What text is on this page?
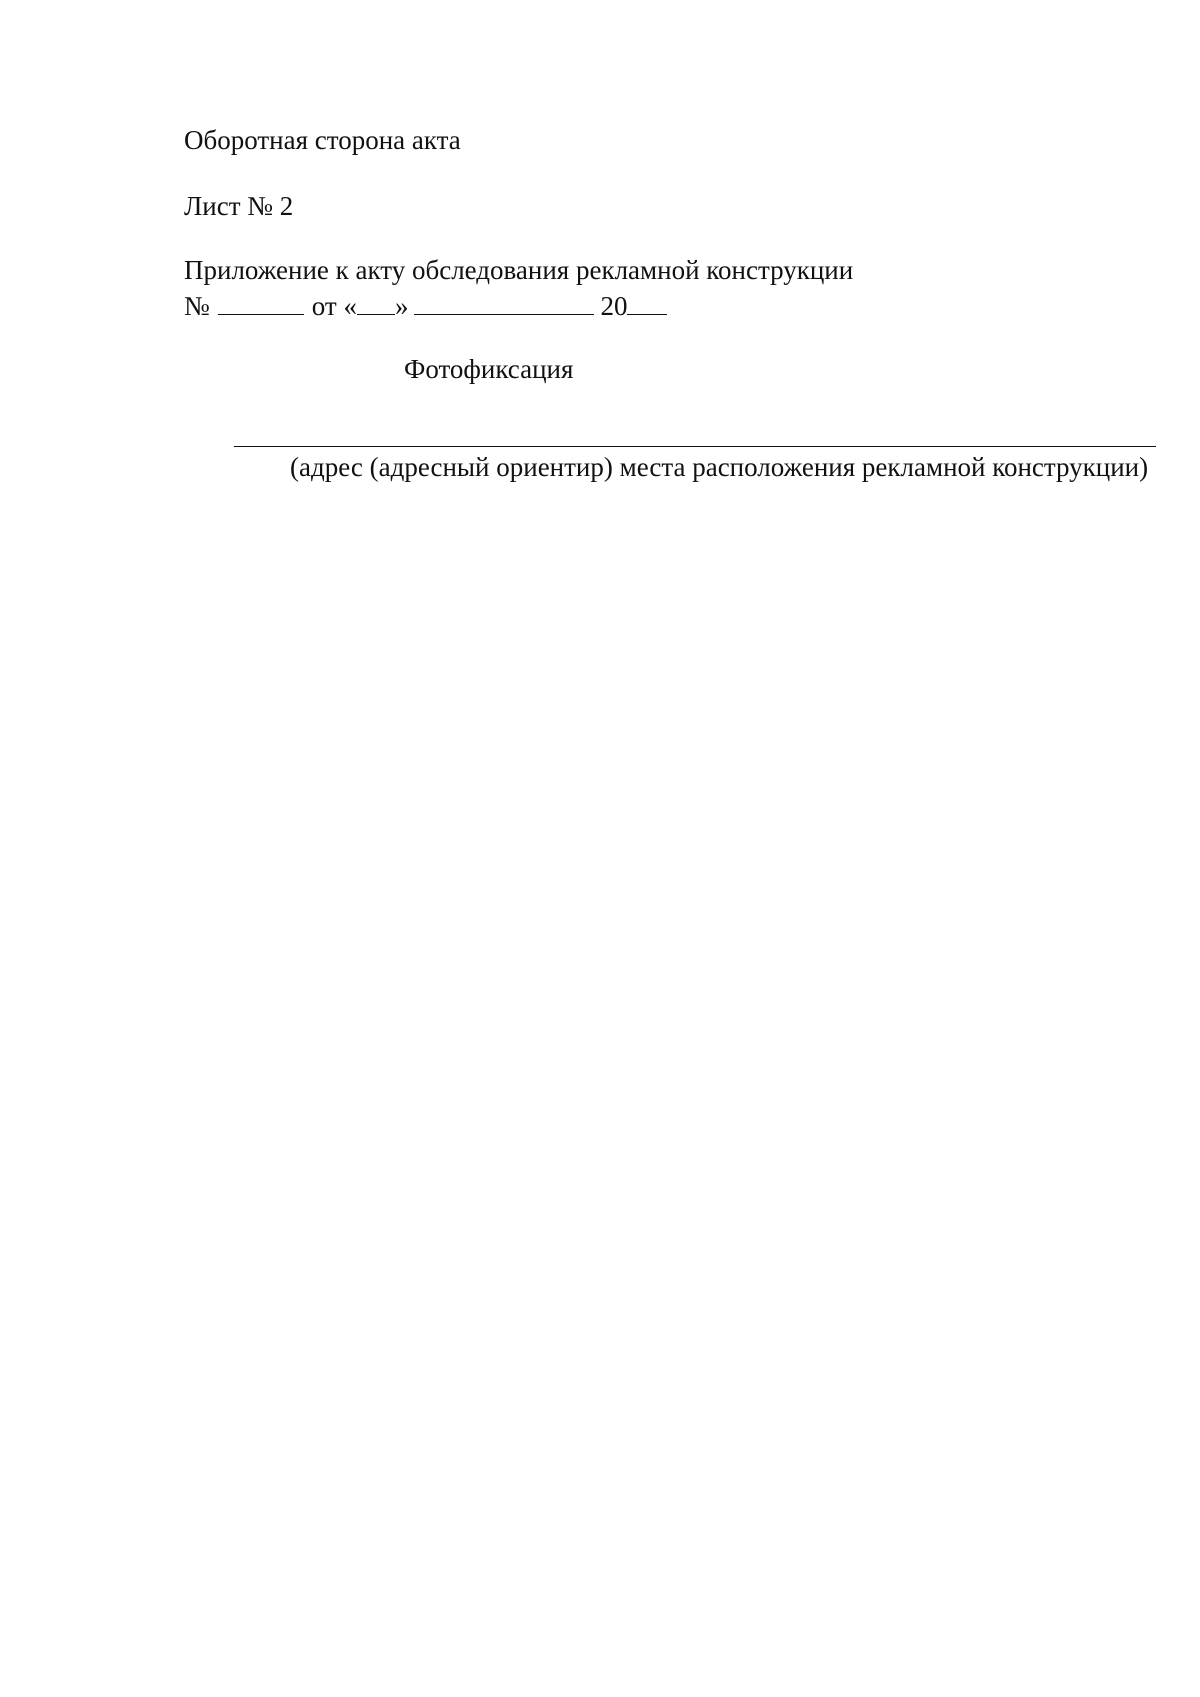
Оборотная сторона акта
Лист № 2
Приложение к акту обследования рекламной конструкции
№	от « »	20
Фотофиксация
(адрес (адресный ориентир) места расположения рекламной конструкции)
